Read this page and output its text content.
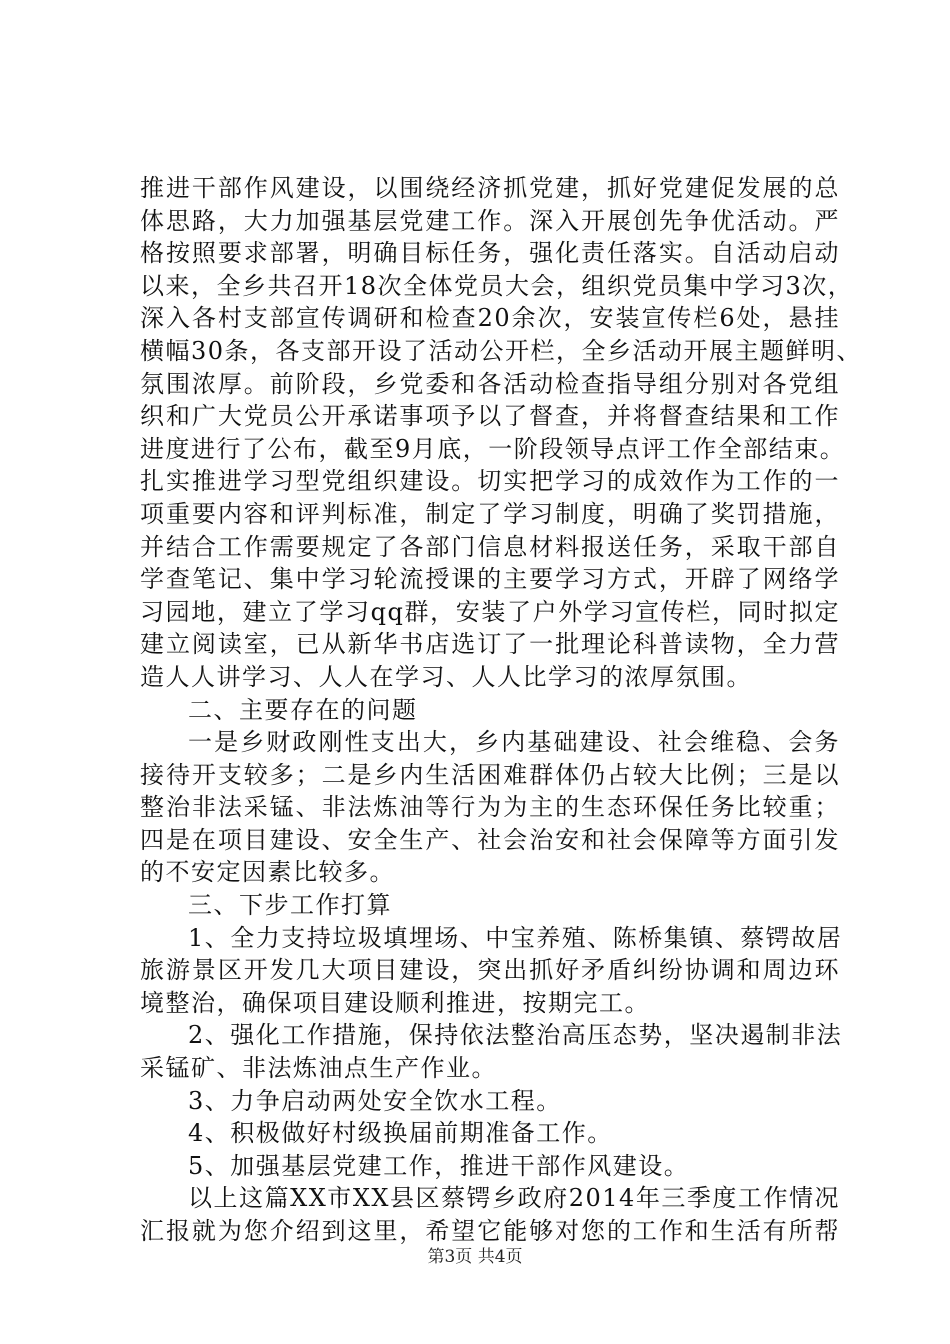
推进干部作风建设，以围绕经济抓党建，抓好党建促发展的总
体思路，大力加强基层党建工作。深入开展创先争优活动。严
格按照要求部署，明确目标任务，强化责任落实。自活动启动
以来，全乡共召开18次全体党员大会，组织党员集中学习3次，
深入各村支部宣传调研和检查20余次，安装宣传栏6处，悬挂
横幅30条，各支部开设了活动公开栏，全乡活动开展主题鲜明、
氛围浓厚。前阶段，乡党委和各活动检查指导组分别对各党组
织和广大党员公开承诺事项予以了督查，并将督查结果和工作
进度进行了公布，截至9月底，一阶段领导点评工作全部结束。
扎实推进学习型党组织建设。切实把学习的成效作为工作的一
项重要内容和评判标准，制定了学习制度，明确了奖罚措施，
并结合工作需要规定了各部门信息材料报送任务，采取干部自
学查笔记、集中学习轮流授课的主要学习方式，开辟了网络学
习园地，建立了学习qq群，安装了户外学习宣传栏，同时拟定
建立阅读室，已从新华书店选订了一批理论科普读物，全力营
造人人讲学习、人人在学习、人人比学习的浓厚氛围。
二、主要存在的问题
一是乡财政刚性支出大，乡内基础建设、社会维稳、会务
接待开支较多；二是乡内生活困难群体仍占较大比例；三是以
整治非法采锰、非法炼油等行为为主的生态环保任务比较重；
四是在项目建设、安全生产、社会治安和社会保障等方面引发
的不安定因素比较多。
三、下步工作打算
1、全力支持垃圾填埋场、中宝养殖、陈桥集镇、蔡锷故居
旅游景区开发几大项目建设，突出抓好矛盾纠纷协调和周边环
境整治，确保项目建设顺利推进，按期完工。
2、强化工作措施，保持依法整治高压态势，坚决遏制非法
采锰矿、非法炼油点生产作业。
3、力争启动两处安全饮水工程。
4、积极做好村级换届前期准备工作。
5、加强基层党建工作，推进干部作风建设。
以上这篇XX市XX县区蔡锷乡政府2014年三季度工作情况
汇报就为您介绍到这里，希望它能够对您的工作和生活有所帮
第3页 共4页
